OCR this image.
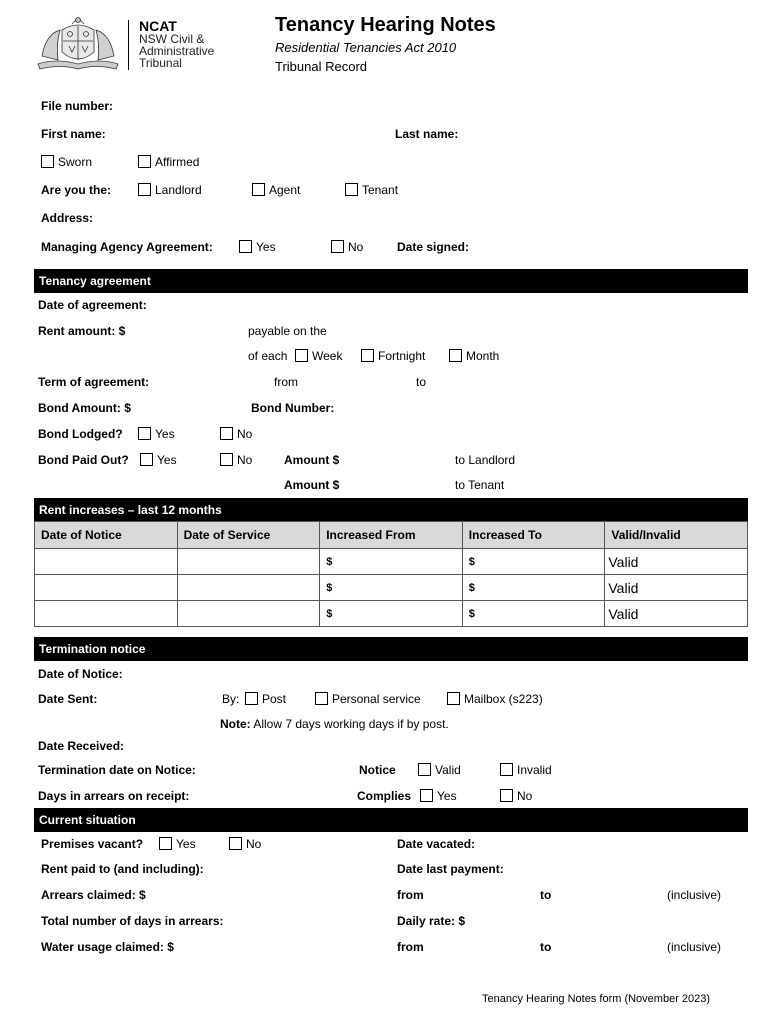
NCAT
NSW Civil &
Administrative
Tribunal
Tenancy Hearing Notes
Residential Tenancies Act 2010
Tribunal Record
File number:
First name:	Last name:
Sworn	Affirmed
Are you the:	Landlord	Agent	Tenant
Address:
Managing Agency Agreement:	Yes	No	Date signed:
Tenancy agreement
Date of agreement:
Rent amount: $	payable on the
of each	Week	Fortnight	Month
Term of agreement:	from	to
Bond Amount: $	Bond Number:
Bond Lodged?	Yes	No
Bond Paid Out?	Yes	No	Amount $	to Landlord
Amount $	to Tenant
Rent increases – last 12 months
Date of Notice	Date of Service	Increased From	Increased To	Valid/Invalid
		$	$	Valid
		$	$	Valid
		$	$	Valid
Termination notice
Date of Notice:
Date Sent:	By:	Post	Personal service	Mailbox (s223)
Note: Allow 7 days working days if by post.
Date Received:
Termination date on Notice:	Notice	Valid	Invalid
Days in arrears on receipt:	Complies	Yes	No
Current situation
Premises vacant?	Yes	No	Date vacated:
Rent paid to (and including):	Date last payment:
Arrears claimed: $	from	to	(inclusive)
Total number of days in arrears:	Daily rate: $
Water usage claimed: $	from	to	(inclusive)
Tenancy Hearing Notes form (November 2023)
